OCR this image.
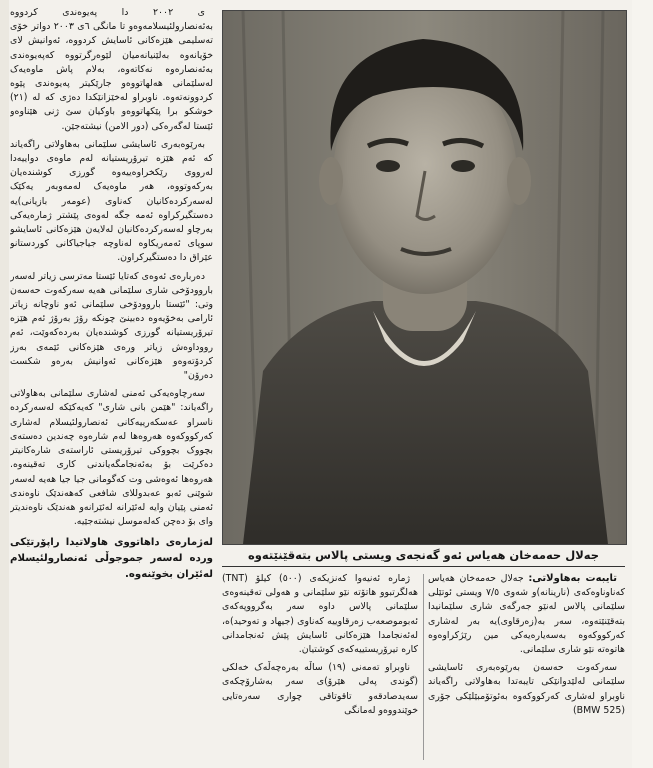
ی ٢٠٠٢ دا پەیوەندی کردووە بەئەنصارولئیسلامەوەو تا مانگی ٦ی ٢٠٠٣ دواتر خۆی تەسلیمی هێزەکانی ئاسایش کردووە، ئەوانیش لای خۆیانەوە بەلێنیانەمیان لێوەرگرتووە کەپەیوەندی بەئەنصارەوە نەکاتەوە، بەلام پاش ماوەیەک لەسلێمانی هەلهاتووەو جارێکیتر پەیوەندی پێوە کردوونەتەوە. ناوبراو لەخێزانێکدا دەژی کە لە (٢١) خوشکو برا پێکهاتووەو باوکیان سێ ژنی هێناوەو ئێستا لەگەرەکی (دور الامن) نیشتەجێن.

بەرێوەبەری ئاسایشی سلێمانی بەهاولاتی راگەیاند کە ئەم هێزە تیرۆریستیانە لەم ماوەی دواییەدا لەرووی رێکخراوەییەوە گورزی کوشندەیان بەرکەوتووە، هەر ماوەیەک لەمەوبەر یەکێک لەسەرکردەکانیان کەناوی (عومەر بازیانی)یە دەستگیرکراوە ئەمە جگە لەوەی پێشتر ژمارەیەکی بەرچاو لەسەرکردەکانیان لەلایەن هێزەکانی ئاسایشو سوپای ئەمەریکاوە لەناوچە جیاجیاکانی کوردستانو عێراق دا دەستگیرکراون.

دەربارەی ئەوەی کەتایا ئێستا مەترسی زیاتر لەسەر باروودۆخی شاری سلێمانی هەیە سەرکەوت حەسەن وتی: "ئێستا باروودۆخی سلێمانی ئەو ناوچانە زیاتر ئارامی بەخۆیەوە دەبینێ چونکە رۆژ بەرۆژ ئەم هێزە تیرۆریستیانە گورزی کوشندەیان بەردەکەوێت، ئەم رووداوەش زیاتر ورەی هێزەکانی ئێمەی بەرز کردۆتەوەو هێزەکانی ئەوانیش بەرەو شکست دەرۆن"

سەرچاوەیەکی ئەمنی لەشاری سلێمانی بەهاولاتی راگەیاند: "هێمن بانی شاری" کەیەکێکە لەسەرکردە ناسراو عەسکەرییەکانی ئەنصارولئیسلام لەشاری کەرکووکەوە هەروەها لەم شارەوە چەندین دەستەی بچووک بچووکی تیرۆریستی ئاراستەی شارەکانیتر دەکرێت بۆ بەئەنجامگەیاندنی کاری تەقینەوە. هەروەها ئەوەشی وت کەگومانی جیا جیا هەیە لەسەر شوێنی ئەبو عەبدوللای شافعی کەهەندێک ناوەندی ئەمنی پێیان وایە لەئێرانە لەئێرانەو هەندێک ناوەندیتر وای بۆ دەچن کەلەموسل نیشتەجێیە.

لەژمارەی داهاتووی هاولاتیدا راپۆرتێکی وردە لەسەر جموجوڵی ئەنصارولئیسلام لەئێران بخوێنەوە.
جەلال حەمەخان هەیاس ئەو گەنجەی ویستی پالاس بتەقێنێتەوە

ژمارە ئەنیەوا کەنزیکەی (٥٠٠) کیلۆ (TNT) هەلگرتبوو هاتۆتە نێو سلێمانی و هەولی تەقینەوەی سلێمانی پالاس داوە سەر بەگرووپەکەی ئەبوموصعەب زەرقاوییە کەناوی (جیهاد و تەوحید)ە، لەئەنجامدا هێزەکانی ئاسایش پێش ئەنجامدانی کارە تیرۆریستییەکەی کوشتیان.

ناوبراو تەمەنی (١٩) ساڵە بەرەچەڵەک خەلکی (گوندی پەلی هێرۆ)ی سەر بەشارۆچکەی سەیدصادقەو تاقوتاقی چواری سەرەتایی خوێندووەو لەمانگی

تایبەت بەهاولاتی: جەلال حەمەخان هەیاس کەناوناوەکەی (نارینانە)و شەوی ٧/٥ ویستی ئوتێلی سلێمانی پالاس لەنێو جەرگەی شاری سلێمانیدا بتەقێنێتەوە، سەر بە(زەرقاوی)یە بەر لەشاری کەرکووکەوە بەسەیارەیەکی مین رێژکراوەوە هاتوەتە نێو شاری سلێمانی.

سەرکەوت حەسەن بەرێوەبەری ئاسایشی سلێمانی لەلێدوانێکی تایبەتدا بەهاولاتی راگەیاند ناوبراو لەشاری کەرکووکەوە بەئوتۆمبێلێکی جۆری (BMW 525)
